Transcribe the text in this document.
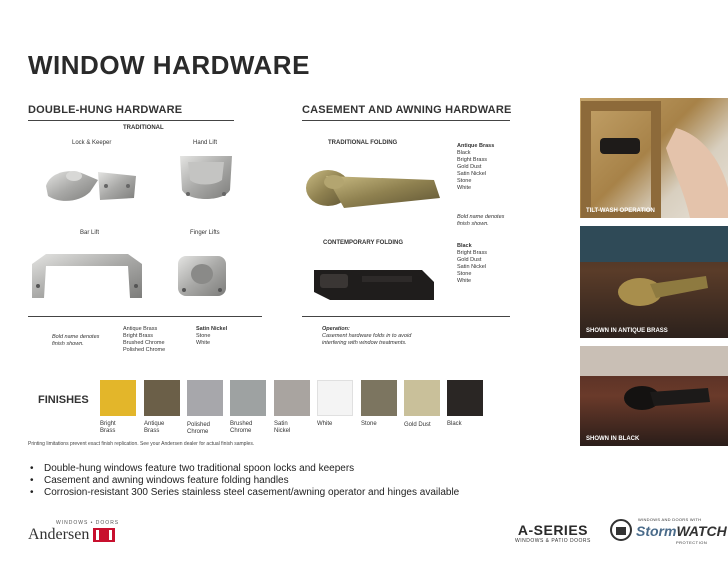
WINDOW HARDWARE
DOUBLE-HUNG HARDWARE
TRADITIONAL
Lock & Keeper	Hand Lift
Bar Lift	Finger Lifts
Bold name denotes
finish shown.
Antique Brass
Bright Brass
Brushed Chrome
Polished Chrome
Satin Nickel
Stone
White
CASEMENT AND AWNING HARDWARE
TRADITIONAL FOLDING	Antique Brass
Black
Bright Brass
Gold Dust
Satin Nickel
Stone
White
Bold name denotes
finish shown.
CONTEMPORARY FOLDING	Black
Bright Brass
Gold Dust
Satin Nickel
Stone
White
Operation:
Casement hardware folds in to avoid
interfering with window treatments.
TILT-WASH OPERATION
SHOWN IN ANTIQUE BRASS
SHOWN IN BLACK
FINISHES
Bright
Brass
Antique
Brass
Polished
Chrome
Brushed
Chrome
Satin
Nickel
White	Stone	Gold Dust	Black
Printing limitations prevent exact finish replication. See your Andersen dealer for actual finish samples.
• Double-hung windows feature two traditional spoon locks and keepers
• Casement and awning windows feature folding handles
• Corrosion-resistant 300 Series stainless steel casement/awning operator and hinges available
WINDOWS • DOORS
Andersen	A-SERIES
WINDOWS & PATIO DOORS
WINDOWS AND DOORS WITH
StormWATCH
PROTECTION
